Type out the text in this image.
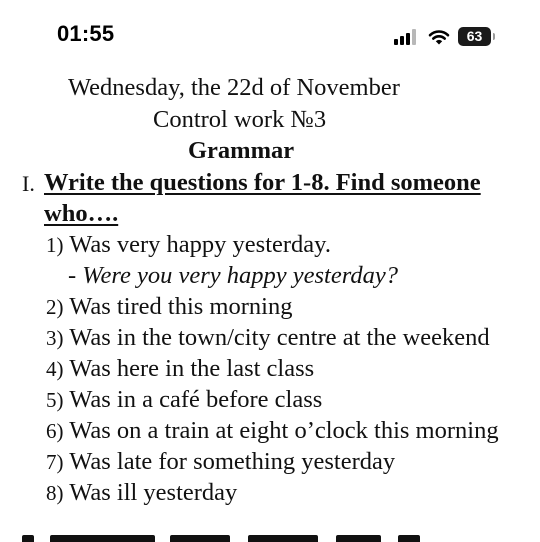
01:55	63
Wednesday, the 22d of November
Control work №3
Grammar
I. Write the questions for 1-8. Find someone
who….
1) Was very happy yesterday.
- Were you very happy yesterday?
2) Was tired this morning
3) Was in the town/city centre at the weekend
4) Was here in the last class
5) Was in a café before class
6) Was on a train at eight o’clock this morning
7) Was late for something yesterday
8) Was ill yesterday
